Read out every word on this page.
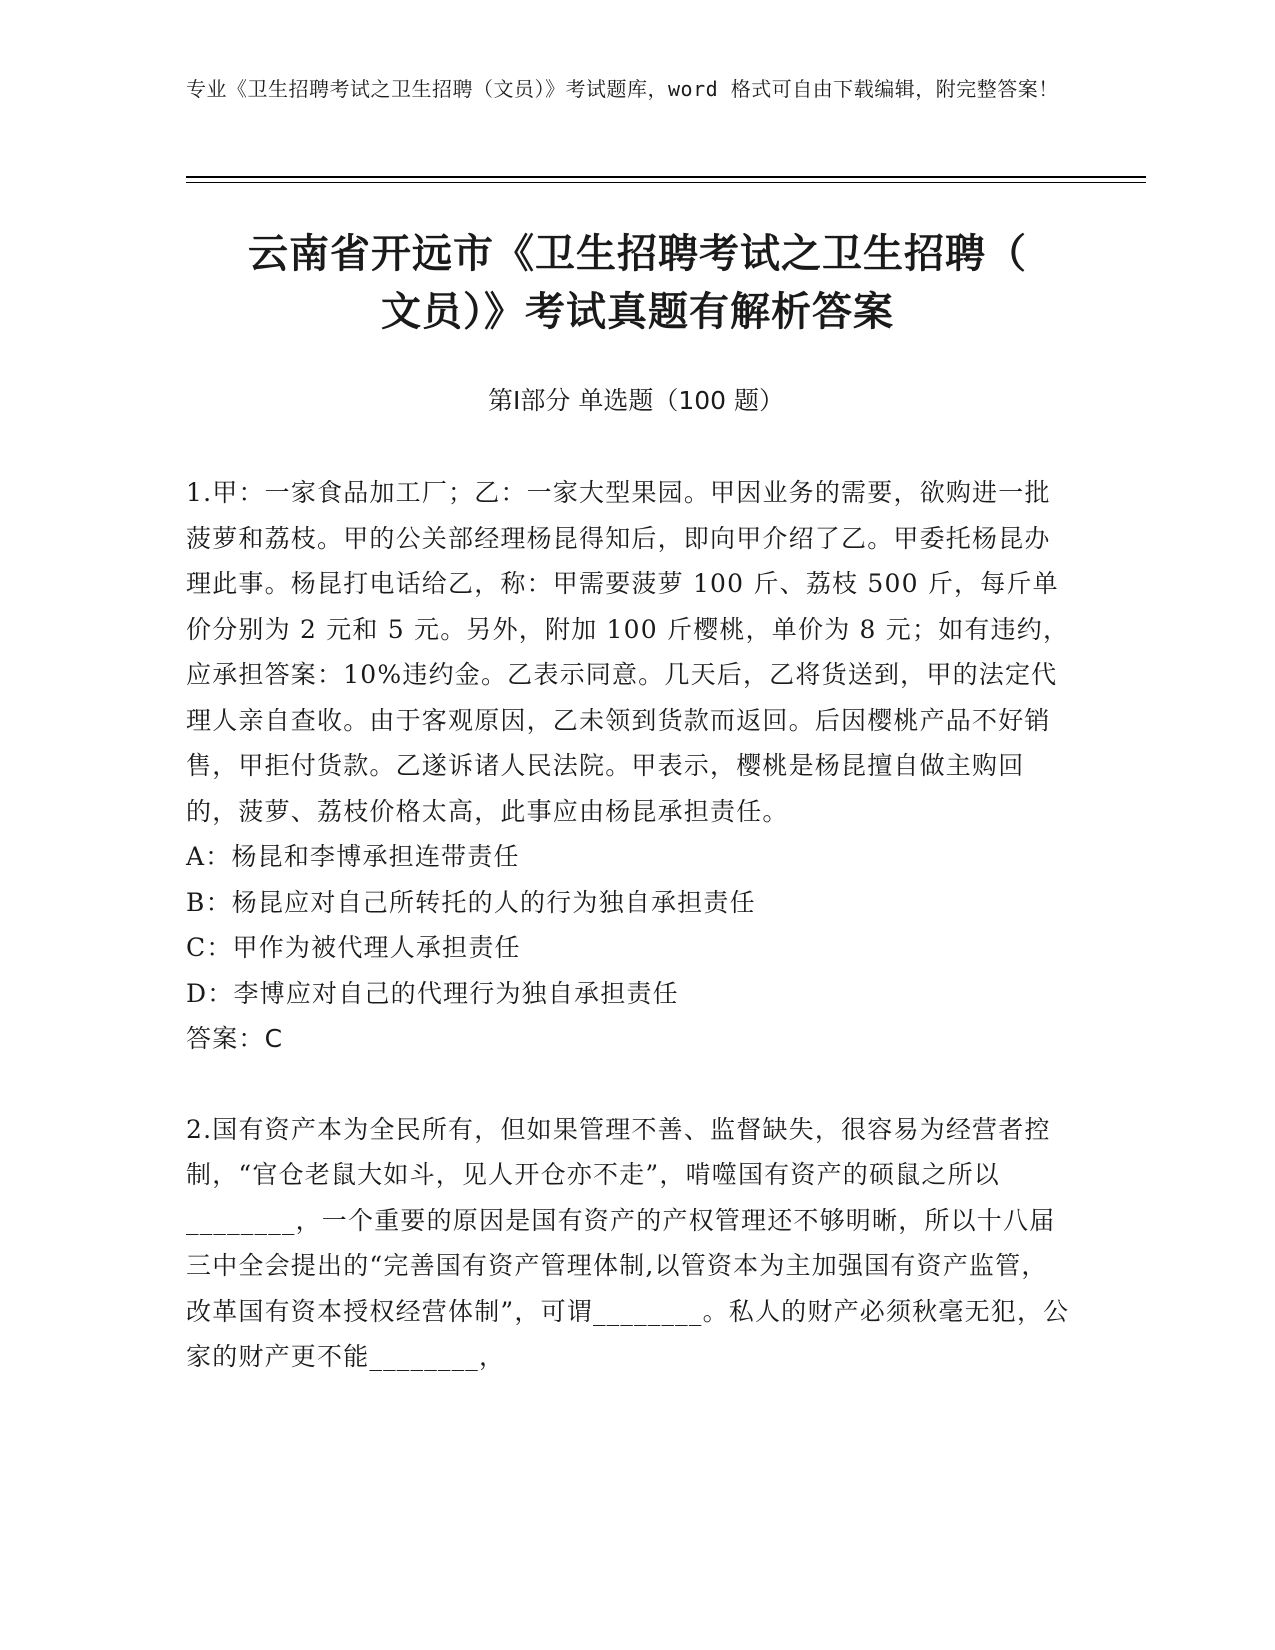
专业《卫生招聘考试之卫生招聘（文员）》考试题库，word 格式可自由下载编辑，附完整答案！
云南省开远市《卫生招聘考试之卫生招聘（
文员）》考试真题有解析答案
第Ⅰ部分 单选题（100 题）

1.甲：一家食品加工厂；乙：一家大型果园。甲因业务的需要，欲购进一批菠萝和荔枝。甲的公关部经理杨昆得知后，即向甲介绍了乙。甲委托杨昆办理此事。杨昆打电话给乙，称：甲需要菠萝 100 斤、荔枝 500 斤，每斤单价分别为 2 元和 5 元。另外，附加 100 斤樱桃，单价为 8 元；如有违约，应承担答案：10%违约金。乙表示同意。几天后，乙将货送到，甲的法定代理人亲自查收。由于客观原因，乙未领到货款而返回。后因樱桃产品不好销售，甲拒付货款。乙遂诉诸人民法院。甲表示，樱桃是杨昆擅自做主购回的，菠萝、荔枝价格太高，此事应由杨昆承担责任。

A：杨昆和李博承担连带责任

B：杨昆应对自己所转托的人的行为独自承担责任

C：甲作为被代理人承担责任

D：李博应对自己的代理行为独自承担责任

答案：C

2.国有资产本为全民所有，但如果管理不善、监督缺失，很容易为经营者控制，“官仓老鼠大如斗，见人开仓亦不走”，啃噬国有资产的硕鼠之所以________，一个重要的原因是国有资产的产权管理还不够明晰，所以十八届三中全会提出的“完善国有资产管理体制,以管资本为主加强国有资产监管，改革国有资本授权经营体制”，可谓________。私人的财产必须秋毫无犯，公家的财产更不能________，
